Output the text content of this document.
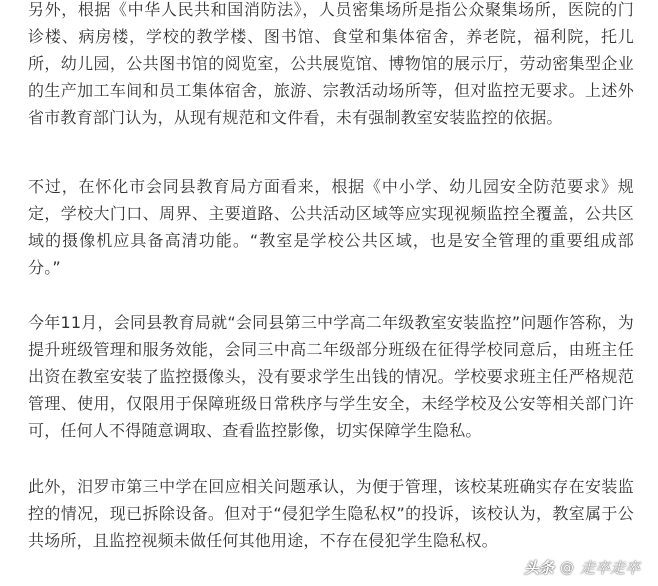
另外，根据《中华人民共和国消防法》，人员密集场所是指公众聚集场所，医院的门诊楼、病房楼，学校的教学楼、图书馆、食堂和集体宿舍，养老院，福利院，托儿所，幼儿园，公共图书馆的阅览室，公共展览馆、博物馆的展示厅，劳动密集型企业的生产加工车间和员工集体宿舍，旅游、宗教活动场所等，但对监控无要求。上述外省市教育部门认为，从现有规范和文件看，未有强制教室安装监控的依据。

不过，在怀化市会同县教育局方面看来，根据《中小学、幼儿园安全防范要求》规定，学校大门口、周界、主要道路、公共活动区域等应实现视频监控全覆盖，公共区域的摄像机应具备高清功能。“教室是学校公共区域，也是安全管理的重要组成部分。”

今年11月，会同县教育局就“会同县第三中学高二年级教室安装监控”问题作答称，为提升班级管理和服务效能，会同三中高二年级部分班级在征得学校同意后，由班主任出资在教室安装了监控摄像头，没有要求学生出钱的情况。学校要求班主任严格规范管理、使用，仅限用于保障班级日常秩序与学生安全，未经学校及公安等相关部门许可，任何人不得随意调取、查看监控影像，切实保障学生隐私。

此外，汨罗市第三中学在回应相关问题承认，为便于管理，该校某班确实存在安装监控的情况，现已拆除设备。但对于“侵犯学生隐私权”的投诉，该校认为，教室属于公共场所，且监控视频未做任何其他用途，不存在侵犯学生隐私权。

头条 @ 走卒走卒
